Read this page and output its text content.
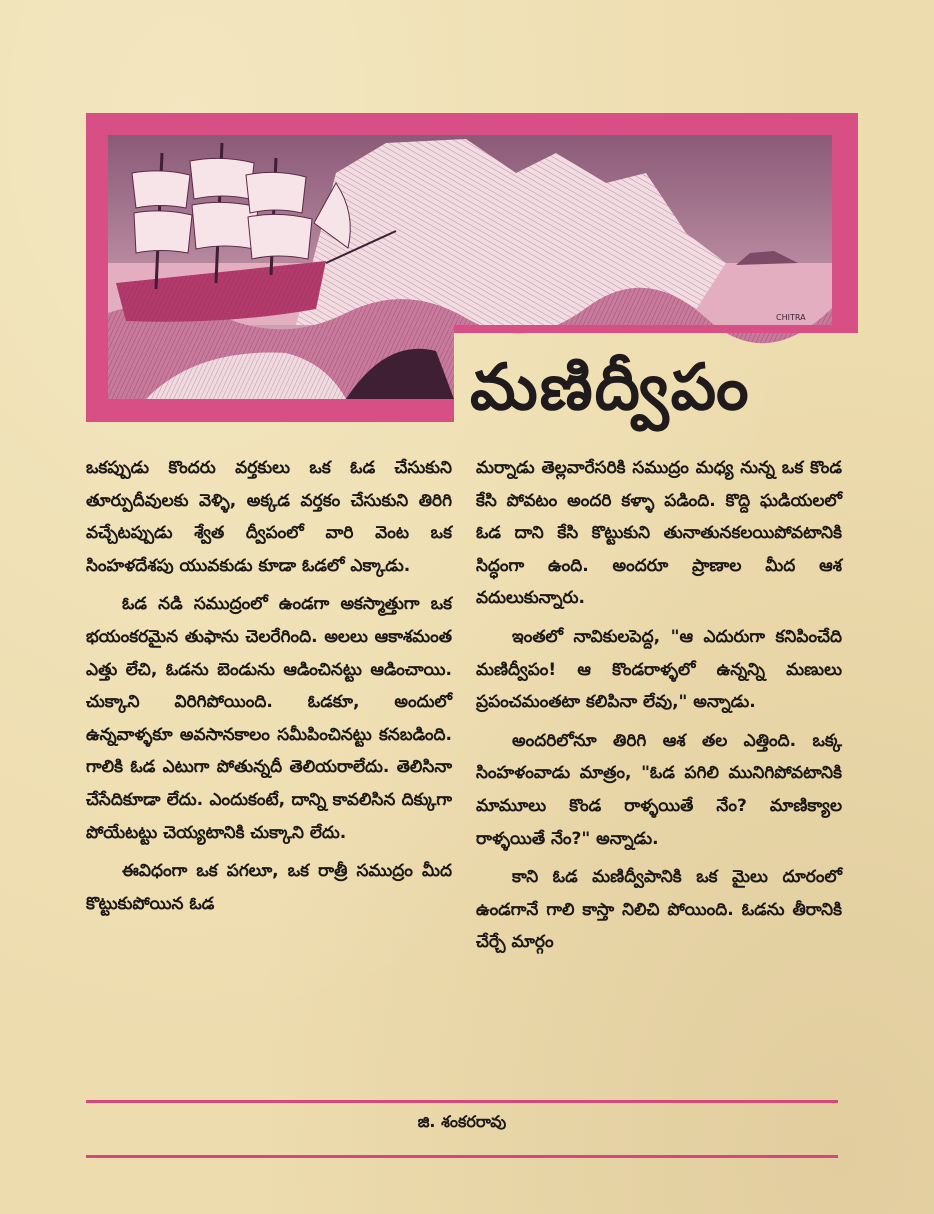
CHITRA
మణిద్వీపం

ఒకప్పుడు కొందరు వర్తకులు ఒక ఓడ చేసుకుని తూర్పుదీవులకు వెళ్ళి, అక్కడ వర్తకం చేసుకుని తిరిగి వచ్చేటప్పుడు శ్వేత ద్వీపంలో వారి వెంట ఒక సింహళదేశపు యువకుడు కూడా ఓడలో ఎక్కాడు.

ఓడ నడి సముద్రంలో ఉండగా అకస్మాత్తుగా ఒక భయంకరమైన తుఫాను చెలరేగింది. అలలు ఆకాశమంత ఎత్తు లేచి, ఓడను బెండును ఆడించినట్టు ఆడించాయి. చుక్కాని విరిగిపోయింది. ఓడకూ, అందులో ఉన్నవాళ్ళకూ అవసానకాలం సమీపించినట్టు కనబడింది. గాలికి ఓడ ఎటుగా పోతున్నదీ తెలియరాలేదు. తెలిసినా చేసేదికూడా లేదు. ఎందుకంటే, దాన్ని కావలిసిన దిక్కుగా పోయేటట్టు చెయ్యటానికి చుక్కాని లేదు.

ఈవిధంగా ఒక పగలూ, ఒక రాత్రీ సముద్రం మీద కొట్టుకుపోయిన ఓడ

మర్నాడు తెల్లవారేసరికి సముద్రం మధ్య నున్న ఒక కొండ కేసి పోవటం అందరి కళ్ళా పడింది. కొద్ది ఘడియలలో ఓడ దాని కేసి కొట్టుకుని తునాతునకలయిపోవటానికి సిద్ధంగా ఉంది. అందరూ ప్రాణాల మీద ఆశ వదులుకున్నారు.

ఇంతలో నావికులపెద్ద, "ఆ ఎదురుగా కనిపించేది మణిద్వీపం! ఆ కొండరాళ్ళలో ఉన్నన్ని మణులు ప్రపంచమంతటా కలిపినా లేవు," అన్నాడు.

అందరిలోనూ తిరిగి ఆశ తల ఎత్తింది. ఒక్క సింహళంవాడు మాత్రం, "ఓడ పగిలి మునిగిపోవటానికి మామూలు కొండ రాళ్ళయితే నేం? మాణిక్యాల రాళ్ళయితే నేం?" అన్నాడు.

కాని ఓడ మణిద్వీపానికి ఒక మైలు దూరంలో ఉండగానే గాలి కాస్తా నిలిచి పోయింది. ఓడను తీరానికి చేర్చే మార్గం

జి. శంకరరావు
